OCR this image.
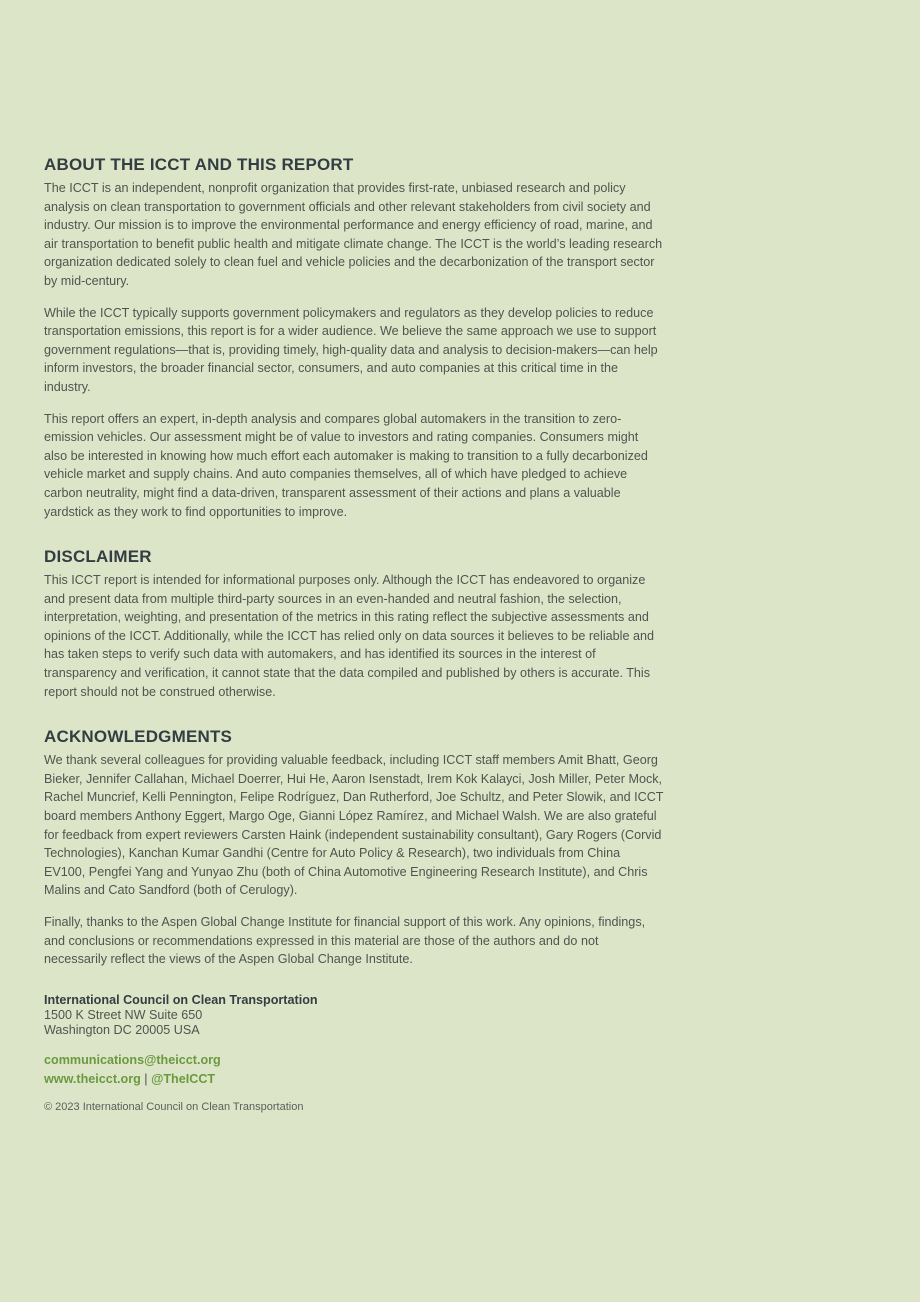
ABOUT THE ICCT AND THIS REPORT

The ICCT is an independent, nonprofit organization that provides first-rate, unbiased research and policy analysis on clean transportation to government officials and other relevant stakeholders from civil society and industry. Our mission is to improve the environmental performance and energy efficiency of road, marine, and air transportation to benefit public health and mitigate climate change. The ICCT is the world’s leading research organization dedicated solely to clean fuel and vehicle policies and the decarbonization of the transport sector by mid-century.

While the ICCT typically supports government policymakers and regulators as they develop policies to reduce transportation emissions, this report is for a wider audience. We believe the same approach we use to support government regulations—that is, providing timely, high-quality data and analysis to decision-makers—can help inform investors, the broader financial sector, consumers, and auto companies at this critical time in the industry.

This report offers an expert, in-depth analysis and compares global automakers in the transition to zero-emission vehicles. Our assessment might be of value to investors and rating companies. Consumers might also be interested in knowing how much effort each automaker is making to transition to a fully decarbonized vehicle market and supply chains. And auto companies themselves, all of which have pledged to achieve carbon neutrality, might find a data-driven, transparent assessment of their actions and plans a valuable yardstick as they work to find opportunities to improve.

DISCLAIMER

This ICCT report is intended for informational purposes only. Although the ICCT has endeavored to organize and present data from multiple third-party sources in an even-handed and neutral fashion, the selection, interpretation, weighting, and presentation of the metrics in this rating reflect the subjective assessments and opinions of the ICCT. Additionally, while the ICCT has relied only on data sources it believes to be reliable and has taken steps to verify such data with automakers, and has identified its sources in the interest of transparency and verification, it cannot state that the data compiled and published by others is accurate. This report should not be construed otherwise.

ACKNOWLEDGMENTS

We thank several colleagues for providing valuable feedback, including ICCT staff members Amit Bhatt, Georg Bieker, Jennifer Callahan, Michael Doerrer, Hui He, Aaron Isenstadt, Irem Kok Kalayci, Josh Miller, Peter Mock, Rachel Muncrief, Kelli Pennington, Felipe Rodríguez, Dan Rutherford, Joe Schultz, and Peter Slowik, and ICCT board members Anthony Eggert, Margo Oge, Gianni López Ramírez, and Michael Walsh. We are also grateful for feedback from expert reviewers Carsten Haink (independent sustainability consultant), Gary Rogers (Corvid Technologies), Kanchan Kumar Gandhi (Centre for Auto Policy & Research), two individuals from China EV100, Pengfei Yang and Yunyao Zhu (both of China Automotive Engineering Research Institute), and Chris Malins and Cato Sandford (both of Cerulogy).

Finally, thanks to the Aspen Global Change Institute for financial support of this work. Any opinions, findings, and conclusions or recommendations expressed in this material are those of the authors and do not necessarily reflect the views of the Aspen Global Change Institute.

International Council on Clean Transportation
1500 K Street NW Suite 650
Washington DC 20005 USA
communications@theicct.org
www.theicct.org | @TheICCT
© 2023 International Council on Clean Transportation
